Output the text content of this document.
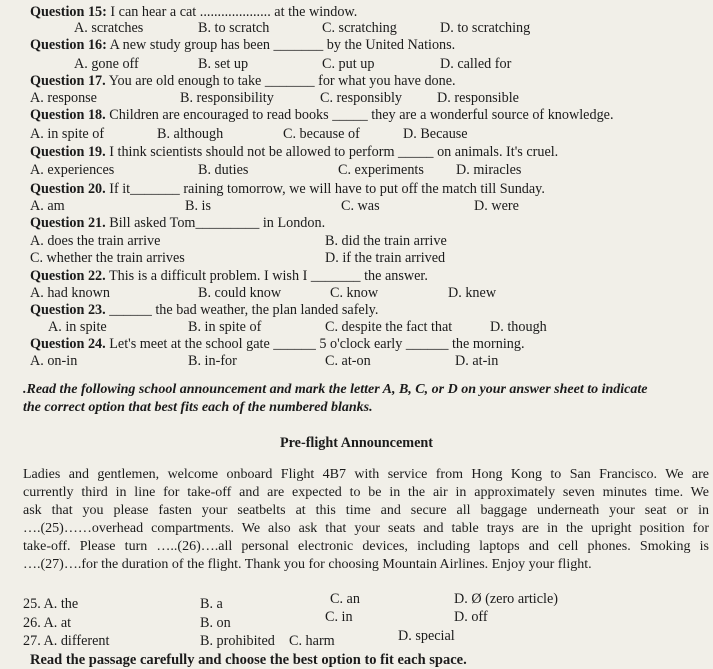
Question 15: I can hear a cat .................... at the window.
A. scratches	B. to scratch	C. scratching	D. to scratching
Question 16: A new study group has been _______ by the United Nations.
A. gone off	B. set up	C. put up	D. called for
Question 17. You are old enough to take _______ for what you have done.
A. response	B. responsibility	C. responsibly D. responsible
Question 18. Children are encouraged to read books _____ they are a wonderful source of knowledge.
A. in spite of	B. although	C. because of	D. Because
Question 19. I think scientists should not be allowed to perform _____ on animals. It's cruel.
A. experiences	B. duties	C. experiments D. miracles
Question 20. If it_______ raining tomorrow, we will have to put off the match till Sunday.
A. am	B. is	C. was	D. were
Question 21. Bill asked Tom_________ in London.
A. does the train arrive	B. did the train arrive
C. whether the train arrives	D. if the train arrived
Question 22. This is a difficult problem. I wish I _______ the answer.
A. had known	B. could know	C. know	D. knew
Question 23. ______ the bad weather, the plan landed safely.
A. in spite	B. in spite of	C. despite the fact that	D. though
Question 24. Let's meet at the school gate ______ 5 o'clock early ______ the morning.
A. on-in	B. in-for	C. at-on	D. at-in
.Read the following school announcement and mark the letter A, B, C, or D on your answer sheet to indicate
the correct option that best fits each of the numbered blanks.
Pre-flight Announcement
Ladies and gentlemen, welcome onboard Flight 4B7 with service from Hong Kong to San Francisco. We are
currently third in line for take-off and are expected to be in the air in approximately seven minutes time. We
ask that you please fasten your seatbelts at this time and secure all baggage underneath your seat or in
….(25)……overhead compartments. We also ask that your seats and table trays are in the upright position for
take-off. Please turn …..(26)….all personal electronic devices, including laptops and cell phones. Smoking is
….(27)….for the duration of the flight. Thank you for choosing Mountain Airlines. Enjoy your flight.
25. A. the	B. a	C. an	D. Ø (zero article)
26. A. at	B. on	C. in	D. off
27. A. different	B. prohibited C. harm	D. special
Read the passage carefully and choose the best option to fit each space.
